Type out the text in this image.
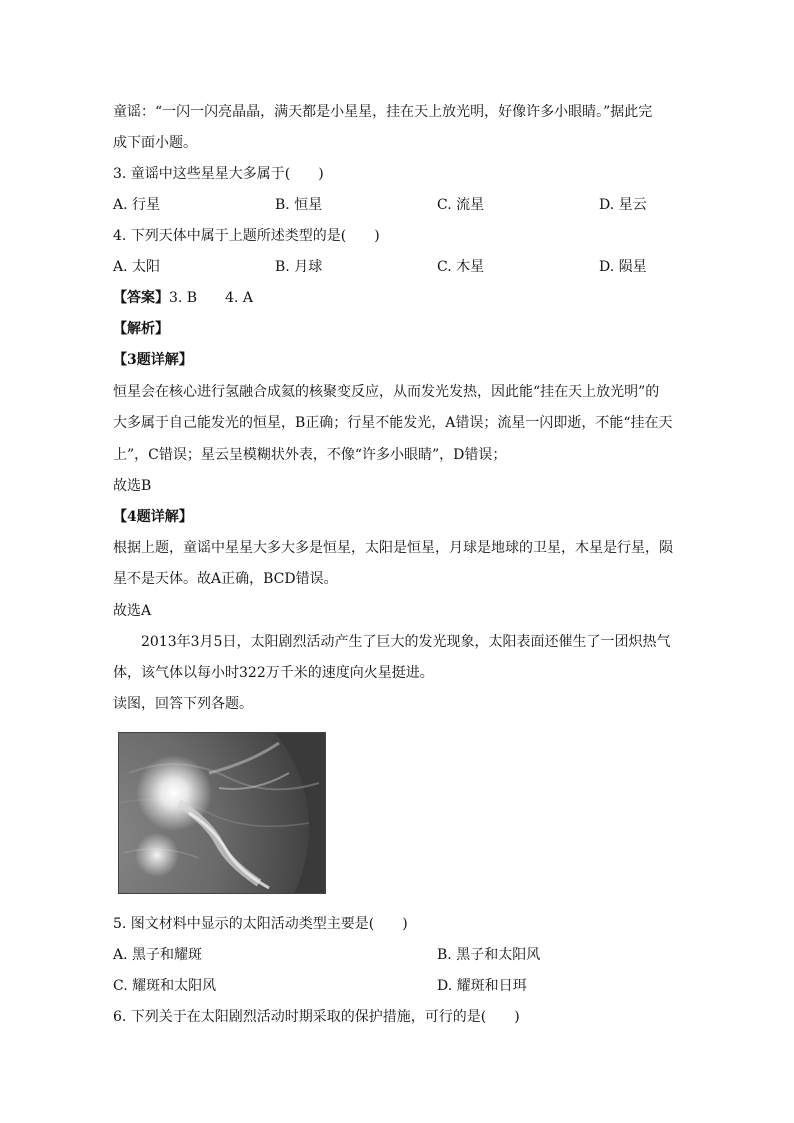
童谣：“一闪一闪亮晶晶，满天都是小星星，挂在天上放光明，好像许多小眼睛。”据此完
成下面小题。
3. 童谣中这些星星大多属于(　　)
A. 行星	B. 恒星	C. 流星	D. 星云
4. 下列天体中属于上题所述类型的是(　　)
A. 太阳	B. 月球	C. 木星	D. 陨星
【答案】3. B　　4. A
【解析】
【3题详解】
恒星会在核心进行氢融合成氦的核聚变反应，从而发光发热，因此能“挂在天上放光明”的
大多属于自己能发光的恒星，B正确；行星不能发光，A错误；流星一闪即逝，不能“挂在天
上”，C错误；星云呈模糊状外表，不像“许多小眼睛”，D错误；
故选B
【4题详解】
根据上题，童谣中星星大多大多是恒星，太阳是恒星，月球是地球的卫星，木星是行星，陨
星不是天体。故A正确，BCD错误。
故选A
　　2013年3月5日，太阳剧烈活动产生了巨大的发光现象，太阳表面还催生了一团炽热气
体，该气体以每小时322万千米的速度向火星挺进。
读图，回答下列各题。
5. 图文材料中显示的太阳活动类型主要是(　　)
A. 黑子和耀斑	B. 黑子和太阳风
C. 耀斑和太阳风	D. 耀斑和日珥
6. 下列关于在太阳剧烈活动时期采取的保护措施，可行的是(　　)
